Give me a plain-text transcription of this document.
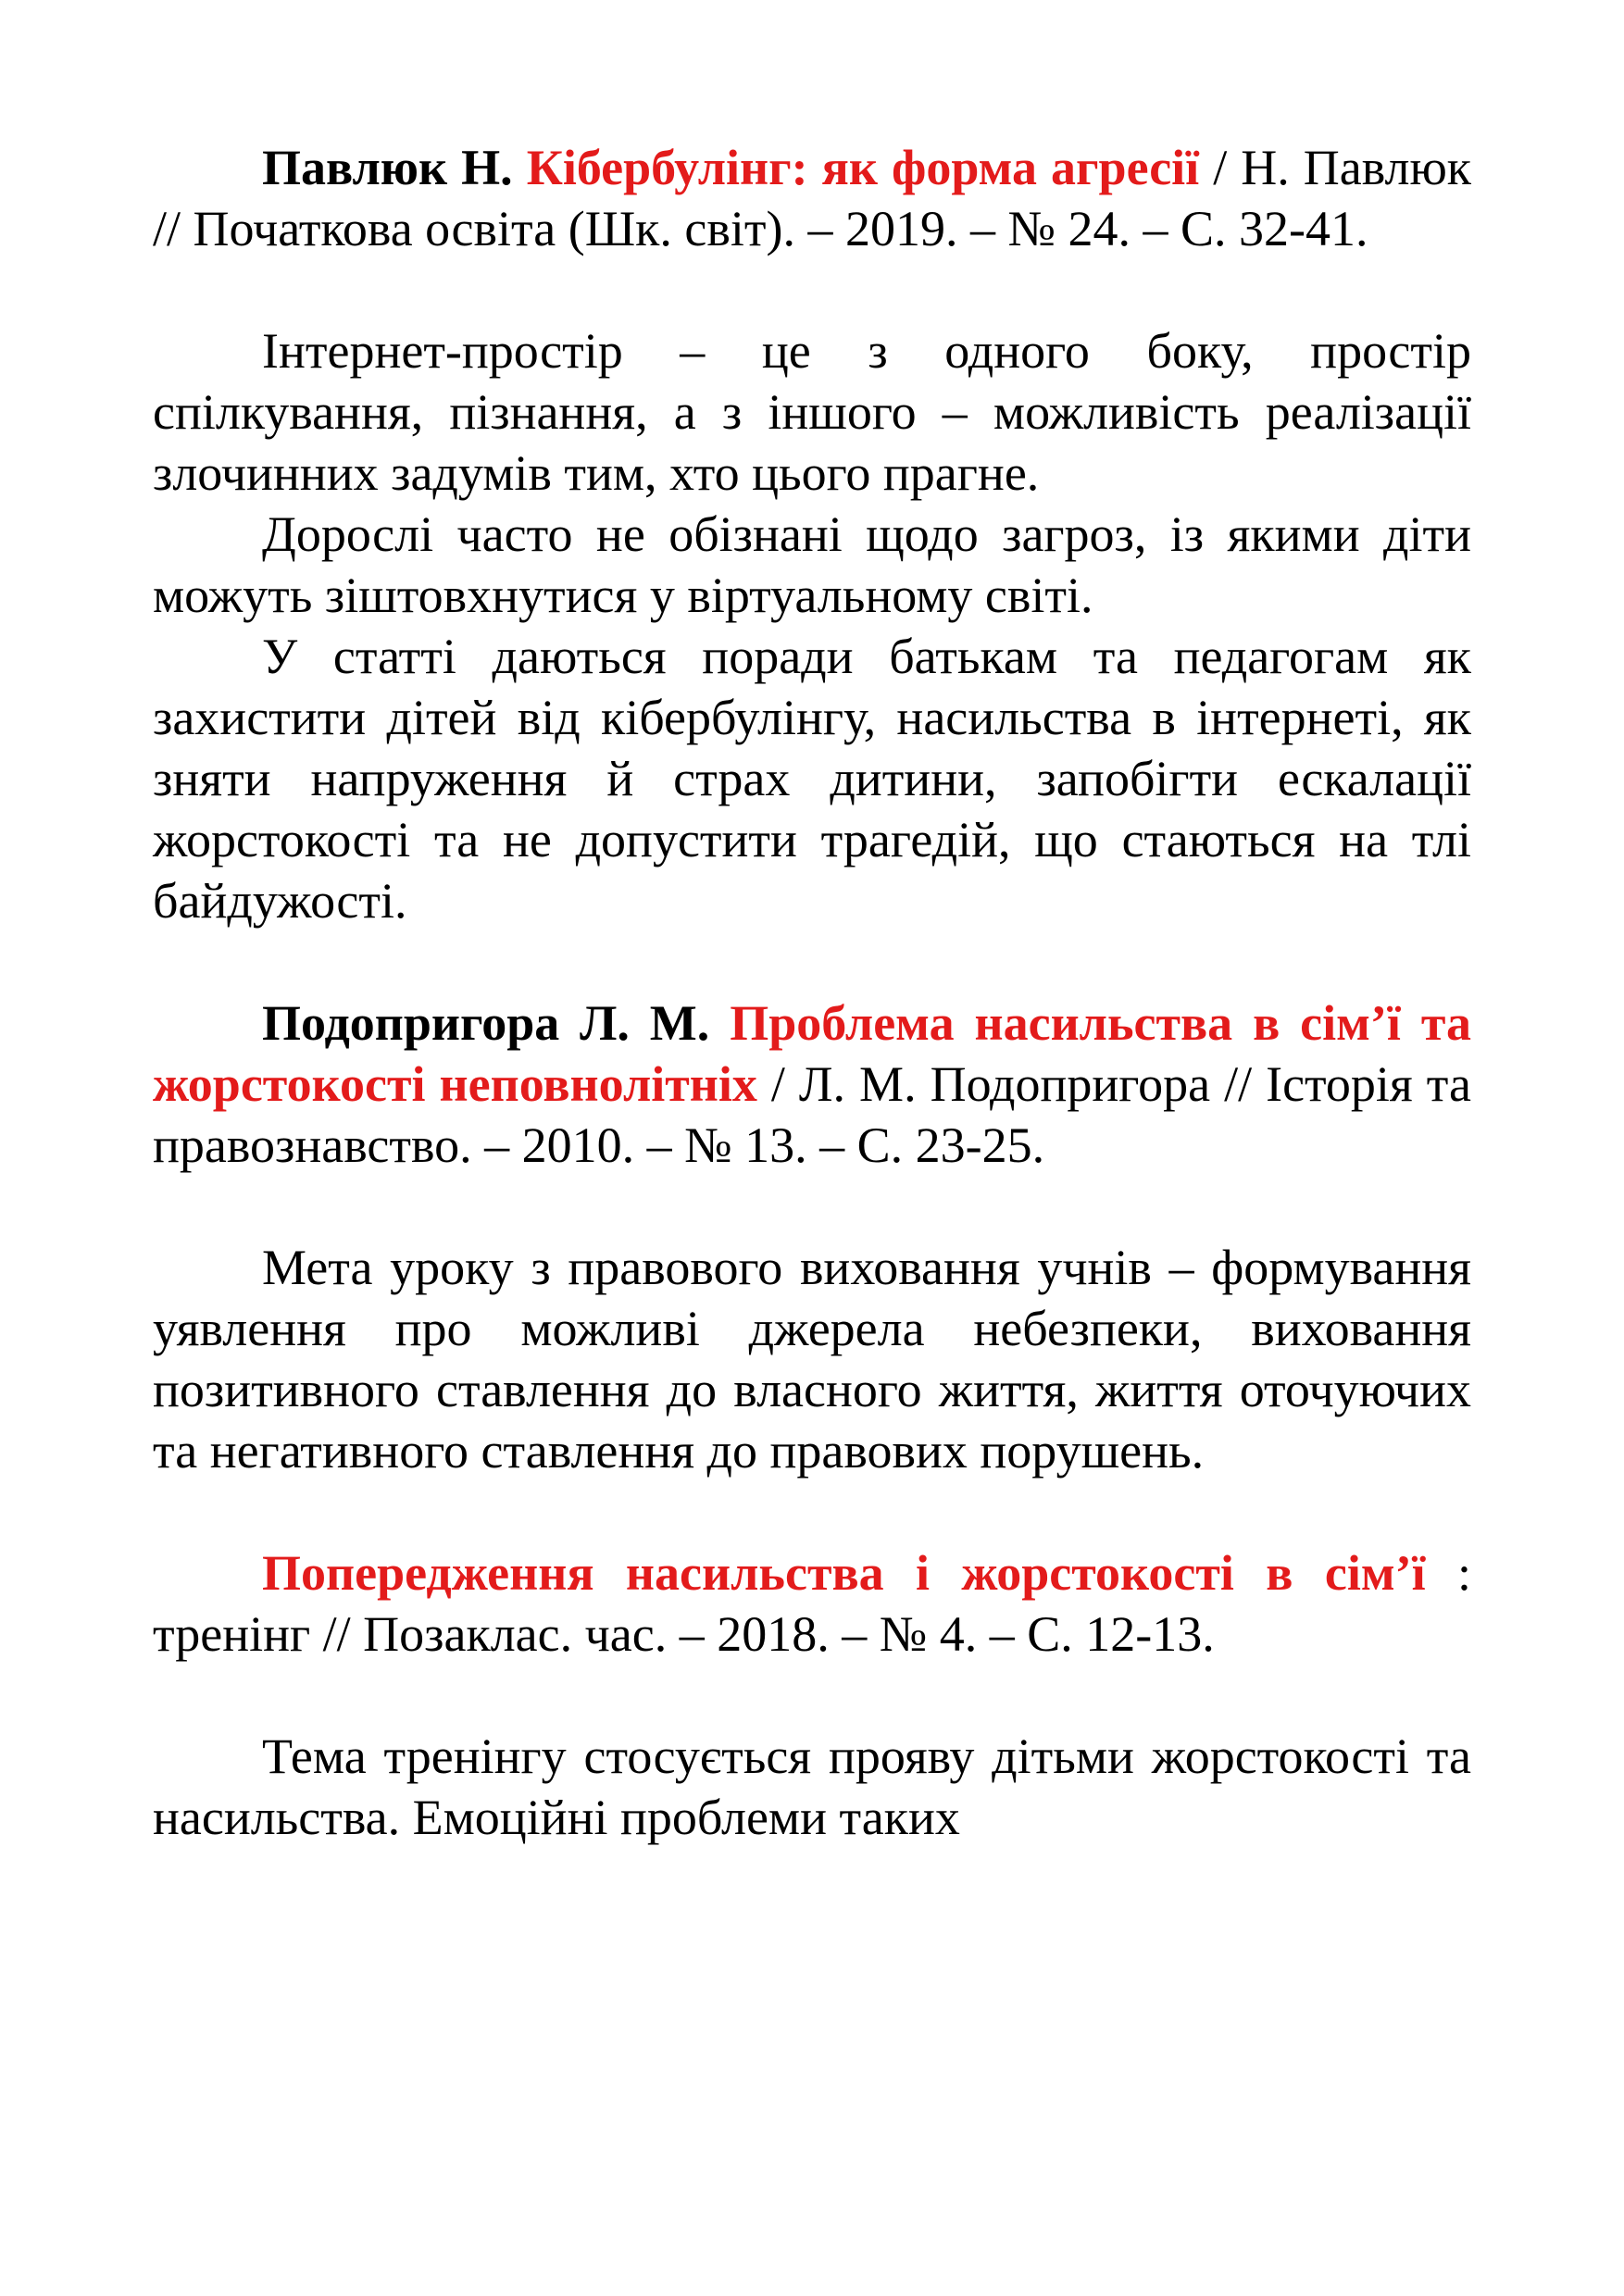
Павлюк Н. Кібербулінг: як форма агресії / Н. Павлюк // Початкова освіта (Шк. світ). – 2019. – № 24. – С. 32-41.

Інтернет-простір – це з одного боку, простір спілкування, пізнання, а з іншого – можливість реалізації злочинних задумів тим, хто цього прагне.

Дорослі часто не обізнані щодо загроз, із якими діти можуть зіштовхнутися у віртуальному світі.

У статті даються поради батькам та педагогам як захистити дітей від кібербулінгу, насильства в інтернеті, як зняти напруження й страх дитини, запобігти ескалації жорстокості та не допустити трагедій, що стаються на тлі байдужості.

Подопригора Л. М. Проблема насильства в сім’ї та жорстокості неповнолітніх / Л. М. Подопригора // Історія та правознавство. – 2010. – № 13. – С. 23-25.

Мета уроку з правового виховання учнів – формування уявлення про можливі джерела небезпеки, виховання позитивного ставлення до власного життя, життя оточуючих та негативного ставлення до правових порушень.

Попередження насильства і жорстокості в сім’ї : тренінг // Позаклас. час. – 2018. – № 4. – С. 12-13.

Тема тренінгу стосується прояву дітьми жорстокості та насильства. Емоційні проблеми таких
